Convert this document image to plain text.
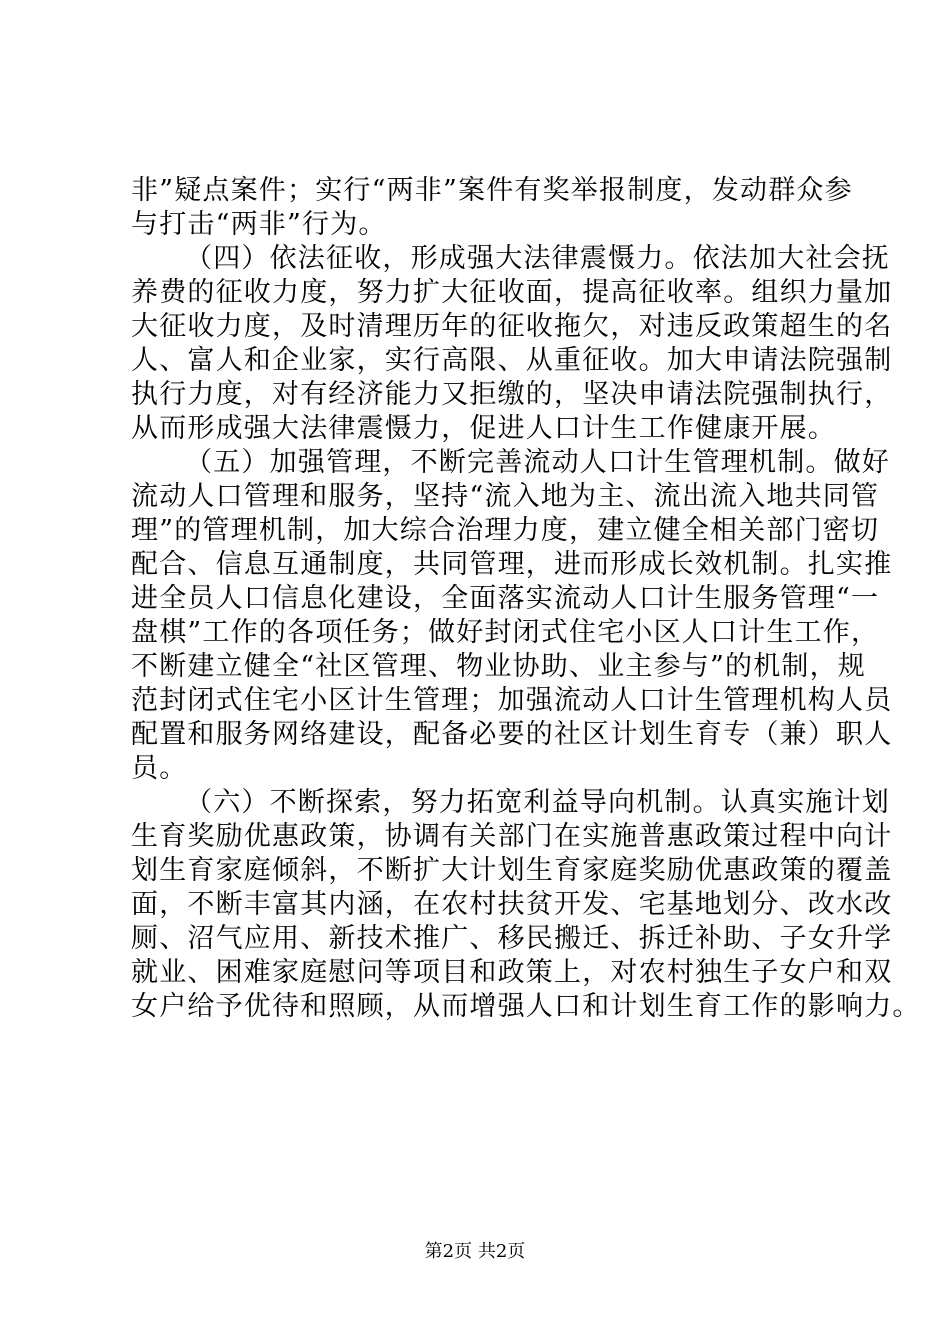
非”疑点案件；实行“两非”案件有奖举报制度，发动群众参
与打击“两非”行为。
（四）依法征收，形成强大法律震慑力。依法加大社会抚
养费的征收力度，努力扩大征收面，提高征收率。组织力量加
大征收力度，及时清理历年的征收拖欠，对违反政策超生的名
人、富人和企业家，实行高限、从重征收。加大申请法院强制
执行力度，对有经济能力又拒缴的，坚决申请法院强制执行，
从而形成强大法律震慑力，促进人口计生工作健康开展。
（五）加强管理，不断完善流动人口计生管理机制。做好
流动人口管理和服务，坚持“流入地为主、流出流入地共同管
理”的管理机制，加大综合治理力度，建立健全相关部门密切
配合、信息互通制度，共同管理，进而形成长效机制。扎实推
进全员人口信息化建设，全面落实流动人口计生服务管理“一
盘棋”工作的各项任务；做好封闭式住宅小区人口计生工作，
不断建立健全“社区管理、物业协助、业主参与”的机制，规
范封闭式住宅小区计生管理；加强流动人口计生管理机构人员
配置和服务网络建设，配备必要的社区计划生育专（兼）职人
员。
（六）不断探索，努力拓宽利益导向机制。认真实施计划
生育奖励优惠政策，协调有关部门在实施普惠政策过程中向计
划生育家庭倾斜，不断扩大计划生育家庭奖励优惠政策的覆盖
面，不断丰富其内涵，在农村扶贫开发、宅基地划分、改水改
厕、沼气应用、新技术推广、移民搬迁、拆迁补助、子女升学
就业、困难家庭慰问等项目和政策上，对农村独生子女户和双
女户给予优待和照顾，从而增强人口和计划生育工作的影响力。
第2页 共2页
